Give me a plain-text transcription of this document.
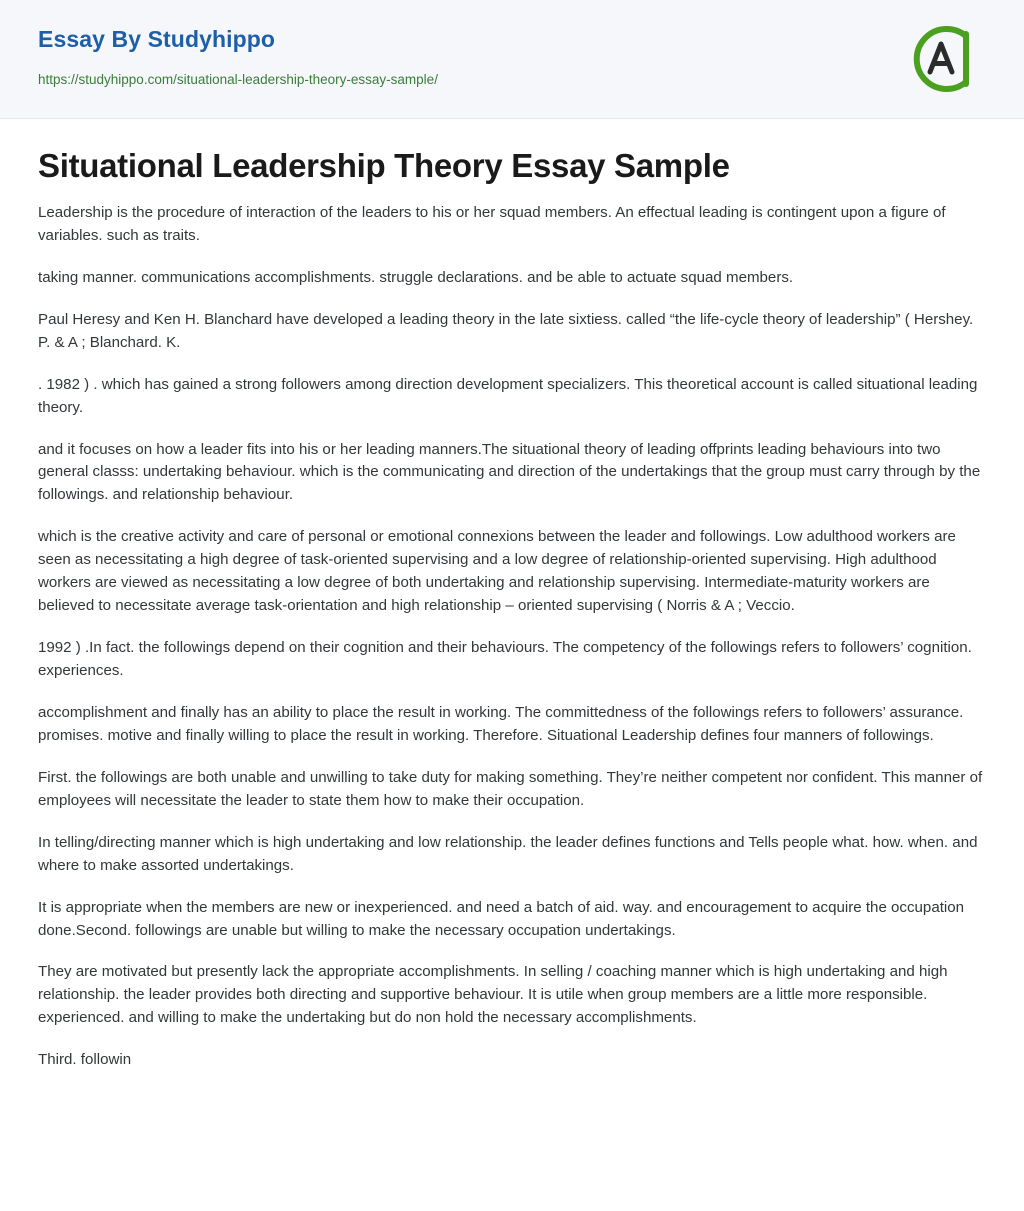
Essay By Studyhippo
https://studyhippo.com/situational-leadership-theory-essay-sample/
Situational Leadership Theory Essay Sample

Leadership is the procedure of interaction of the leaders to his or her squad members. An effectual leading is contingent upon a figure of variables. such as traits.

taking manner. communications accomplishments. struggle declarations. and be able to actuate squad members.

Paul Heresy and Ken H. Blanchard have developed a leading theory in the late sixtiess. called “the life-cycle theory of leadership” ( Hershey. P. & A ; Blanchard. K.

. 1982 ) . which has gained a strong followers among direction development specializers. This theoretical account is called situational leading theory.

and it focuses on how a leader fits into his or her leading manners.The situational theory of leading offprints leading behaviours into two general classs: undertaking behaviour. which is the communicating and direction of the undertakings that the group must carry through by the followings. and relationship behaviour.

which is the creative activity and care of personal or emotional connexions between the leader and followings. Low adulthood workers are seen as necessitating a high degree of task-oriented supervising and a low degree of relationship-oriented supervising. High adulthood workers are viewed as necessitating a low degree of both undertaking and relationship supervising. Intermediate-maturity workers are believed to necessitate average task-orientation and high relationship – oriented supervising ( Norris & A ; Veccio.

1992 ) .In fact. the followings depend on their cognition and their behaviours. The competency of the followings refers to followers’ cognition. experiences.

accomplishment and finally has an ability to place the result in working. The committedness of the followings refers to followers’ assurance. promises. motive and finally willing to place the result in working. Therefore. Situational Leadership defines four manners of followings.

First. the followings are both unable and unwilling to take duty for making something. They’re neither competent nor confident. This manner of employees will necessitate the leader to state them how to make their occupation.

In telling/directing manner which is high undertaking and low relationship. the leader defines functions and Tells people what. how. when. and where to make assorted undertakings.

It is appropriate when the members are new or inexperienced. and need a batch of aid. way. and encouragement to acquire the occupation done.Second. followings are unable but willing to make the necessary occupation undertakings.

They are motivated but presently lack the appropriate accomplishments. In selling / coaching manner which is high undertaking and high relationship. the leader provides both directing and supportive behaviour. It is utile when group members are a little more responsible. experienced. and willing to make the undertaking but do non hold the necessary accomplishments.

Third. followin
